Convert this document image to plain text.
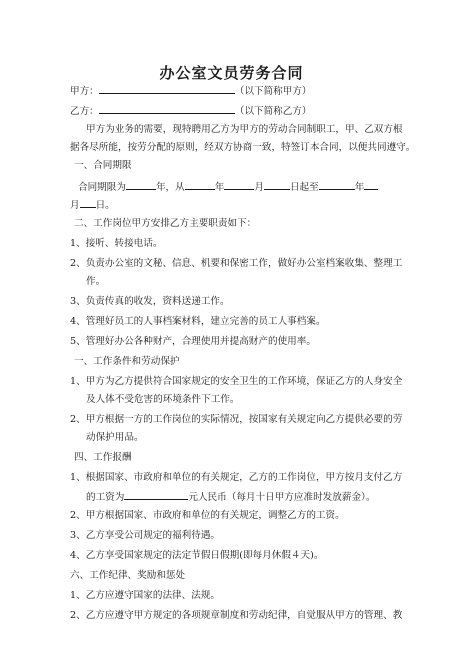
办公室文员劳务合同
甲方：	（以下简称甲方）
乙方：	（以下简称乙方）
甲方为业务的需要，现特聘用乙方为甲方的劳动合同制职工，甲、乙双方根
据各尽所能，按劳分配的原则，经双方协商一致，特签订本合同，以便共同遵守。
一、合同期限
合同期限为	年，从	年	月	日起至	年
月 日。
二、工作岗位甲方安排乙方主要职责如下：
1、接听、转接电话。
2、负责办公室的文秘、信息、机要和保密工作，做好办公室档案收集、整理工
作。
3、负责传真的收发，资料送递工作。
4、管理好员工的人事档案材料，建立完善的员工人事档案。
5、管理好办公各种财产，合理使用并提高财产的使用率。
一、工作条件和劳动保护
1、甲方为乙方提供符合国家规定的安全卫生的工作环境，保证乙方的人身安全
及人体不受危害的环境条件下工作。
2、甲方根据一方的工作岗位的实际情况，按国家有关规定向乙方提供必要的劳
动保护用品。
四、工作报酬
1、根据国家、市政府和单位的有关规定，乙方的工作岗位，甲方按月支付乙方
的工资为	元人民币（每月十日甲方应准时发放薪金）。
2、甲方根据国家、市政府和单位的有关规定，调整乙方的工资。
3、乙方享受公司规定的福利待遇。
4、乙方享受国家规定的法定节假日假期(即每月休假４天)。
六、工作纪律、奖励和惩处
1、乙方应遵守国家的法律、法规。
2、乙方应遵守甲方规定的各项规章制度和劳动纪律，自觉服从甲方的管理、教
